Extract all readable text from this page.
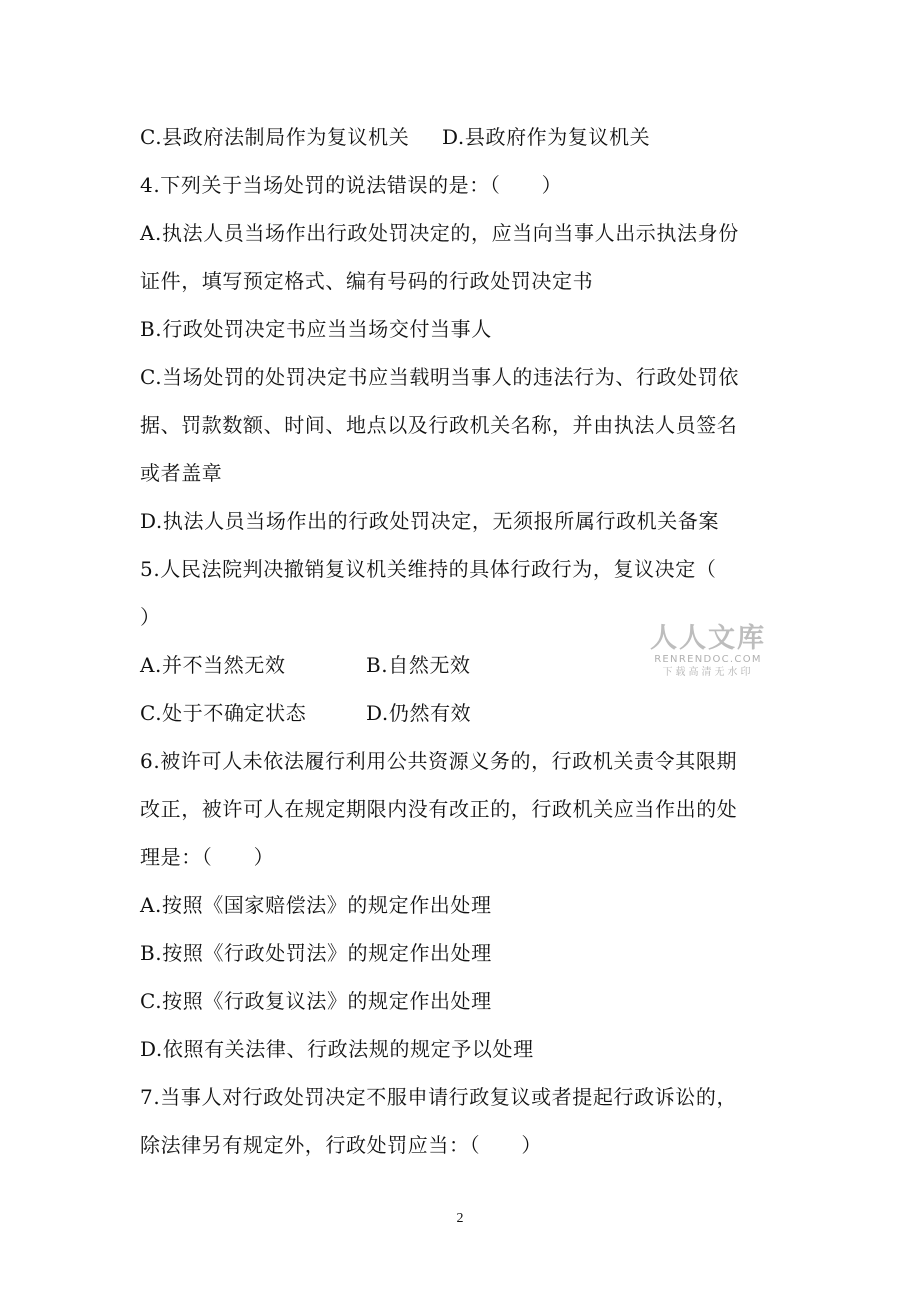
C.县政府法制局作为复议机关 D.县政府作为复议机关
4.下列关于当场处罚的说法错误的是：（　　）
A.执法人员当场作出行政处罚决定的，应当向当事人出示执法身份
证件，填写预定格式、编有号码的行政处罚决定书
B.行政处罚决定书应当当场交付当事人
C.当场处罚的处罚决定书应当载明当事人的违法行为、行政处罚依
据、罚款数额、时间、地点以及行政机关名称，并由执法人员签名
或者盖章
D.执法人员当场作出的行政处罚决定，无须报所属行政机关备案
5.人民法院判决撤销复议机关维持的具体行政行为，复议决定（
）
A.并不当然无效	B.自然无效
C.处于不确定状态	D.仍然有效
6.被许可人未依法履行利用公共资源义务的，行政机关责令其限期
改正，被许可人在规定期限内没有改正的，行政机关应当作出的处
理是：（　　）
A.按照《国家赔偿法》的规定作出处理
B.按照《行政处罚法》的规定作出处理
C.按照《行政复议法》的规定作出处理
D.依照有关法律、行政法规的规定予以处理
7.当事人对行政处罚决定不服申请行政复议或者提起行政诉讼的，
除法律另有规定外，行政处罚应当：（　　）
人人文库
RENRENDOC.COM
下载高清无水印
2
